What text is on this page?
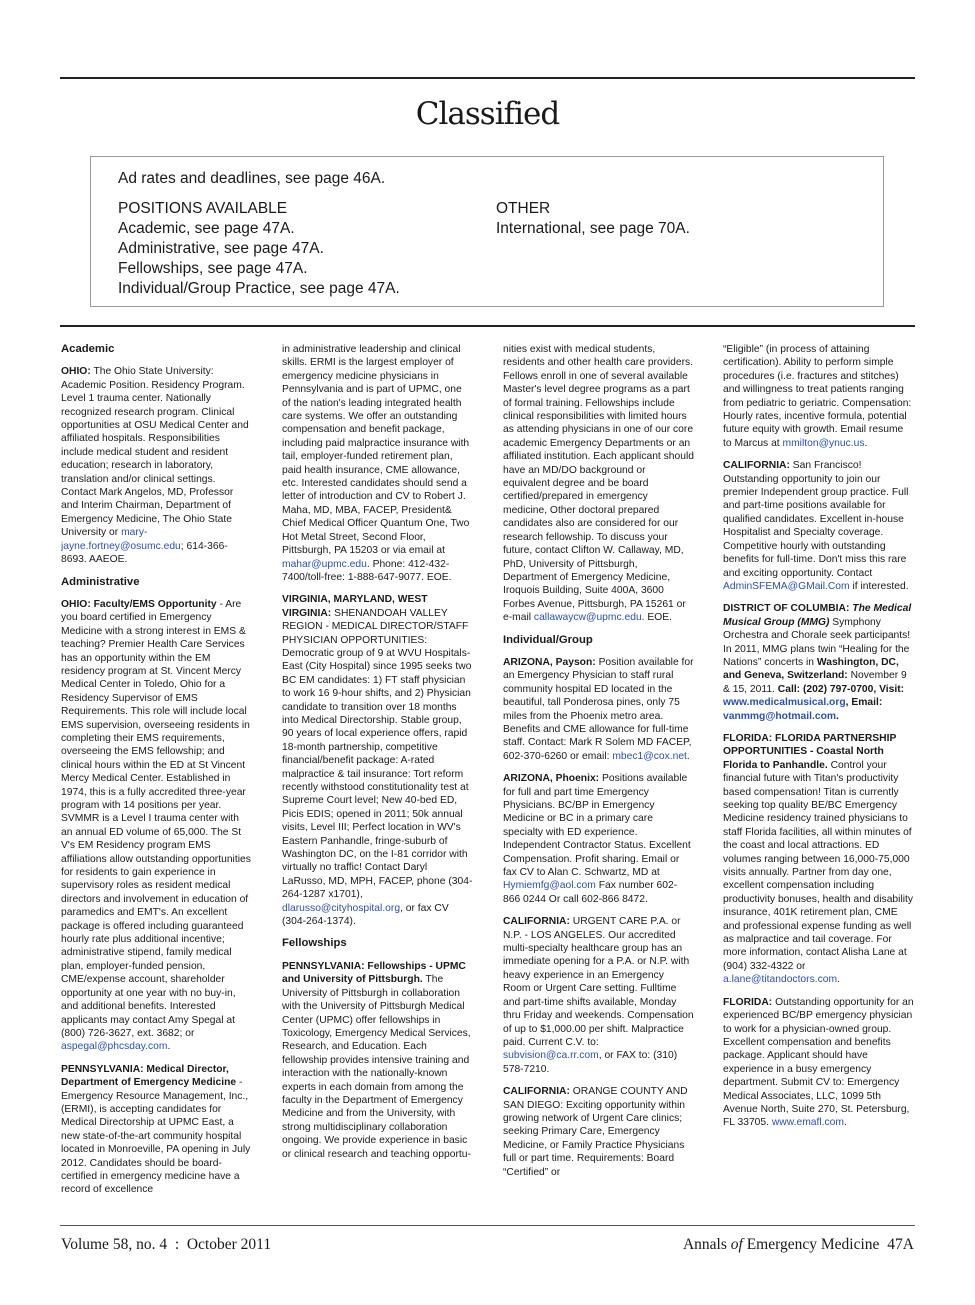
Classified
Ad rates and deadlines, see page 46A.
POSITIONS AVAILABLE
Academic, see page 47A.
Administrative, see page 47A.
Fellowships, see page 47A.
Individual/Group Practice, see page 47A.
OTHER
International, see page 70A.
Academic

OHIO: The Ohio State University: Academic Position. Residency Program. Level 1 trauma center. Nationally recognized research program. Clinical opportunities at OSU Medical Center and affiliated hospitals. Responsibilities include medical student and resident education; research in laboratory, translation and/or clinical settings. Contact Mark Angelos, MD, Professor and Interim Chairman, Department of Emergency Medicine, The Ohio State University or mary-jayne.fortney@osumc.edu; 614-366-8693. AAEOE.

Administrative

OHIO: Faculty/EMS Opportunity - Are you board certified in Emergency Medicine with a strong interest in EMS & teaching? Premier Health Care Services has an opportunity within the EM residency program at St. Vincent Mercy Medical Center in Toledo, Ohio for a Residency Supervisor of EMS Requirements. This role will include local EMS supervision, overseeing residents in completing their EMS requirements, overseeing the EMS fellowship; and clinical hours within the ED at St Vincent Mercy Medical Center. Established in 1974, this is a fully accredited three-year program with 14 positions per year. SVMMR is a Level I trauma center with an annual ED volume of 65,000. The St V's EM Residency program EMS affiliations allow outstanding opportunities for residents to gain experience in supervisory roles as resident medical directors and involvement in education of paramedics and EMT's. An excellent package is offered including guaranteed hourly rate plus additional incentive; administrative stipend, family medical plan, employer-funded pension, CME/expense account, shareholder opportunity at one year with no buy-in, and additional benefits. Interested applicants may contact Amy Spegal at (800) 726-3627, ext. 3682; or aspegal@phcsday.com.

PENNSYLVANIA: Medical Director, Department of Emergency Medicine - Emergency Resource Management, Inc., (ERMI), is accepting candidates for Medical Directorship at UPMC East, a new state-of-the-art community hospital located in Monroeville, PA opening in July 2012. Candidates should be board-certified in emergency medicine have a record of excellence

in administrative leadership and clinical skills. ERMI is the largest employer of emergency medicine physicians in Pennsylvania and is part of UPMC, one of the nation's leading integrated health care systems. We offer an outstanding compensation and benefit package, including paid malpractice insurance with tail, employer-funded retirement plan, paid health insurance, CME allowance, etc. Interested candidates should send a letter of introduction and CV to Robert J. Maha, MD, MBA, FACEP, President& Chief Medical Officer Quantum One, Two Hot Metal Street, Second Floor, Pittsburgh, PA 15203 or via email at mahar@upmc.edu. Phone: 412-432-7400/toll-free: 1-888-647-9077. EOE.

VIRGINIA, MARYLAND, WEST VIRGINIA: SHENANDOAH VALLEY REGION - MEDICAL DIRECTOR/STAFF PHYSICIAN OPPORTUNITIES: Democratic group of 9 at WVU Hospitals-East (City Hospital) since 1995 seeks two BC EM candidates: 1) FT staff physician to work 16 9-hour shifts, and 2) Physician candidate to transition over 18 months into Medical Directorship. Stable group, 90 years of local experience offers, rapid 18-month partnership, competitive financial/benefit package: A-rated malpractice & tail insurance: Tort reform recently withstood constitutionality test at Supreme Court level; New 40-bed ED, Picis EDIS; opened in 2011; 50k annual visits, Level III; Perfect location in WV's Eastern Panhandle, fringe-suburb of Washington DC, on the I-81 corridor with virtually no traffic! Contact Daryl LaRusso, MD, MPH, FACEP, phone (304-264-1287 x1701), dlarusso@cityhospital.org, or fax CV (304-264-1374).

Fellowships

PENNSYLVANIA: Fellowships - UPMC and University of Pittsburgh. The University of Pittsburgh in collaboration with the University of Pittsburgh Medical Center (UPMC) offer fellowships in Toxicology, Emergency Medical Services, Research, and Education. Each fellowship provides intensive training and interaction with the nationally-known experts in each domain from among the faculty in the Department of Emergency Medicine and from the University, with strong multidisciplinary collaboration ongoing. We provide experience in basic or clinical research and teaching opportu-

nities exist with medical students, residents and other health care providers. Fellows enroll in one of several available Master's level degree programs as a part of formal training. Fellowships include clinical responsibilities with limited hours as attending physicians in one of our core academic Emergency Departments or an affiliated institution. Each applicant should have an MD/DO background or equivalent degree and be board certified/prepared in emergency medicine, Other doctoral prepared candidates also are considered for our research fellowship. To discuss your future, contact Clifton W. Callaway, MD, PhD, University of Pittsburgh, Department of Emergency Medicine, Iroquois Building, Suite 400A, 3600 Forbes Avenue, Pittsburgh, PA 15261 or e-mail callawaycw@upmc.edu. EOE.

Individual/Group

ARIZONA, Payson: Position available for an Emergency Physician to staff rural community hospital ED located in the beautiful, tall Ponderosa pines, only 75 miles from the Phoenix metro area. Benefits and CME allowance for full-time staff. Contact: Mark R Solem MD FACEP, 602-370-6260 or email: mbec1@cox.net.

ARIZONA, Phoenix: Positions available for full and part time Emergency Physicians. BC/BP in Emergency Medicine or BC in a primary care specialty with ED experience. Independent Contractor Status. Excellent Compensation. Profit sharing. Email or fax CV to Alan C. Schwartz, MD at Hymiemfg@aol.com Fax number 602-866 0244 Or call 602-866 8472.

CALIFORNIA: URGENT CARE P.A. or N.P. - LOS ANGELES. Our accredited multi-specialty healthcare group has an immediate opening for a P.A. or N.P. with heavy experience in an Emergency Room or Urgent Care setting. Fulltime and part-time shifts available, Monday thru Friday and weekends. Compensation of up to $1,000.00 per shift. Malpractice paid. Current C.V. to: subvision@ca.rr.com, or FAX to: (310) 578-7210.

CALIFORNIA: ORANGE COUNTY AND SAN DIEGO: Exciting opportunity within growing network of Urgent Care clinics; seeking Primary Care, Emergency Medicine, or Family Practice Physicians full or part time. Requirements: Board “Certified” or

“Eligible” (in process of attaining certification). Ability to perform simple procedures (i.e. fractures and stitches) and willingness to treat patients ranging from pediatric to geriatric. Compensation: Hourly rates, incentive formula, potential future equity with growth. Email resume to Marcus at mmilton@ynuc.us.

CALIFORNIA: San Francisco! Outstanding opportunity to join our premier Independent group practice. Full and part-time positions available for qualified candidates. Excellent in-house Hospitalist and Specialty coverage. Competitive hourly with outstanding benefits for full-time. Don't miss this rare and exciting opportunity. Contact AdminSFEMA@GMail.Com if interested.

DISTRICT OF COLUMBIA: The Medical Musical Group (MMG) Symphony Orchestra and Chorale seek participants! In 2011, MMG plans twin “Healing for the Nations” concerts in Washington, DC, and Geneva, Switzerland: November 9 & 15, 2011. Call: (202) 797-0700, Visit: www.medicalmusical.org, Email: vanmmg@hotmail.com.

FLORIDA: FLORIDA PARTNERSHIP OPPORTUNITIES - Coastal North Florida to Panhandle. Control your financial future with Titan's productivity based compensation! Titan is currently seeking top quality BE/BC Emergency Medicine residency trained physicians to staff Florida facilities, all within minutes of the coast and local attractions. ED volumes ranging between 16,000-75,000 visits annually. Partner from day one, excellent compensation including productivity bonuses, health and disability insurance, 401K retirement plan, CME and professional expense funding as well as malpractice and tail coverage. For more information, contact Alisha Lane at (904) 332-4322 or a.lane@titandoctors.com.

FLORIDA: Outstanding opportunity for an experienced BC/BP emergency physician to work for a physician-owned group. Excellent compensation and benefits package. Applicant should have experience in a busy emergency department. Submit CV to: Emergency Medical Associates, LLC, 1099 5th Avenue North, Suite 270, St. Petersburg, FL 33705. www.emafl.com.

Volume 58, no. 4  :  October 2011	Annals of Emergency Medicine 47A
